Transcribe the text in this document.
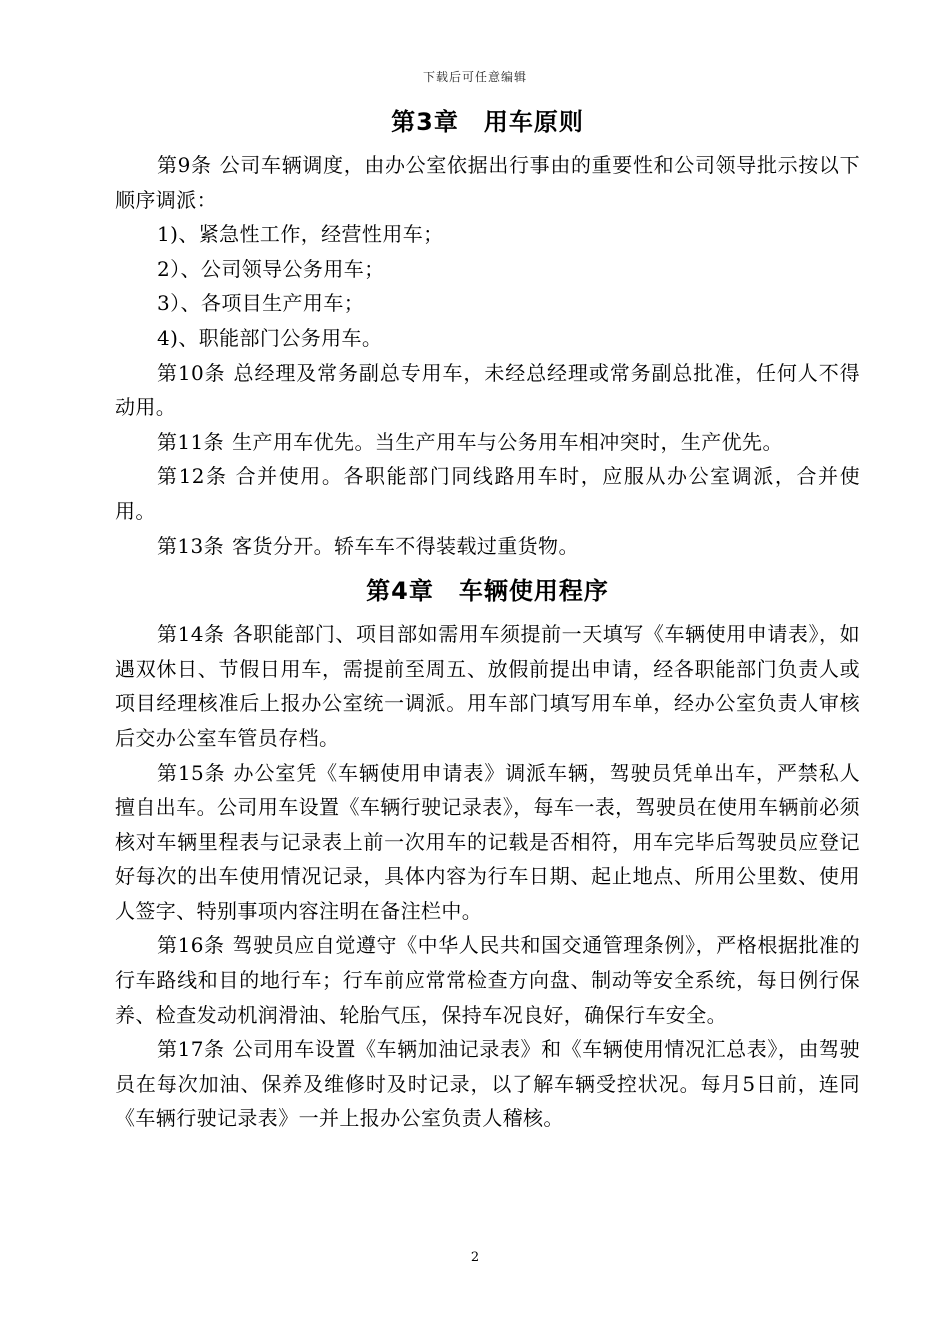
下载后可任意编辑
第3章　用车原则

第9条 公司车辆调度，由办公室依据出行事由的重要性和公司领导批示按以下顺序调派：

1)、紧急性工作，经营性用车；

2）、公司领导公务用车；

3）、各项目生产用车；

4)、职能部门公务用车。

第10条 总经理及常务副总专用车，未经总经理或常务副总批准，任何人不得动用。

第11条 生产用车优先。当生产用车与公务用车相冲突时，生产优先。

第12条 合并使用。各职能部门同线路用车时，应服从办公室调派，合并使用。

第13条 客货分开。轿车车不得装载过重货物。

第4章　车辆使用程序

第14条 各职能部门、项目部如需用车须提前一天填写《车辆使用申请表》，如遇双休日、节假日用车，需提前至周五、放假前提出申请，经各职能部门负责人或项目经理核准后上报办公室统一调派。用车部门填写用车单，经办公室负责人审核后交办公室车管员存档。

第15条 办公室凭《车辆使用申请表》调派车辆，驾驶员凭单出车，严禁私人擅自出车。公司用车设置《车辆行驶记录表》，每车一表，驾驶员在使用车辆前必须核对车辆里程表与记录表上前一次用车的记载是否相符，用车完毕后驾驶员应登记好每次的出车使用情况记录，具体内容为行车日期、起止地点、所用公里数、使用人签字、特别事项内容注明在备注栏中。

第16条 驾驶员应自觉遵守《中华人民共和国交通管理条例》，严格根据批准的行车路线和目的地行车；行车前应常常检查方向盘、制动等安全系统，每日例行保养、检查发动机润滑油、轮胎气压，保持车况良好，确保行车安全。

第17条 公司用车设置《车辆加油记录表》和《车辆使用情况汇总表》，由驾驶员在每次加油、保养及维修时及时记录，以了解车辆受控状况。每月5日前，连同《车辆行驶记录表》一并上报办公室负责人稽核。

2
